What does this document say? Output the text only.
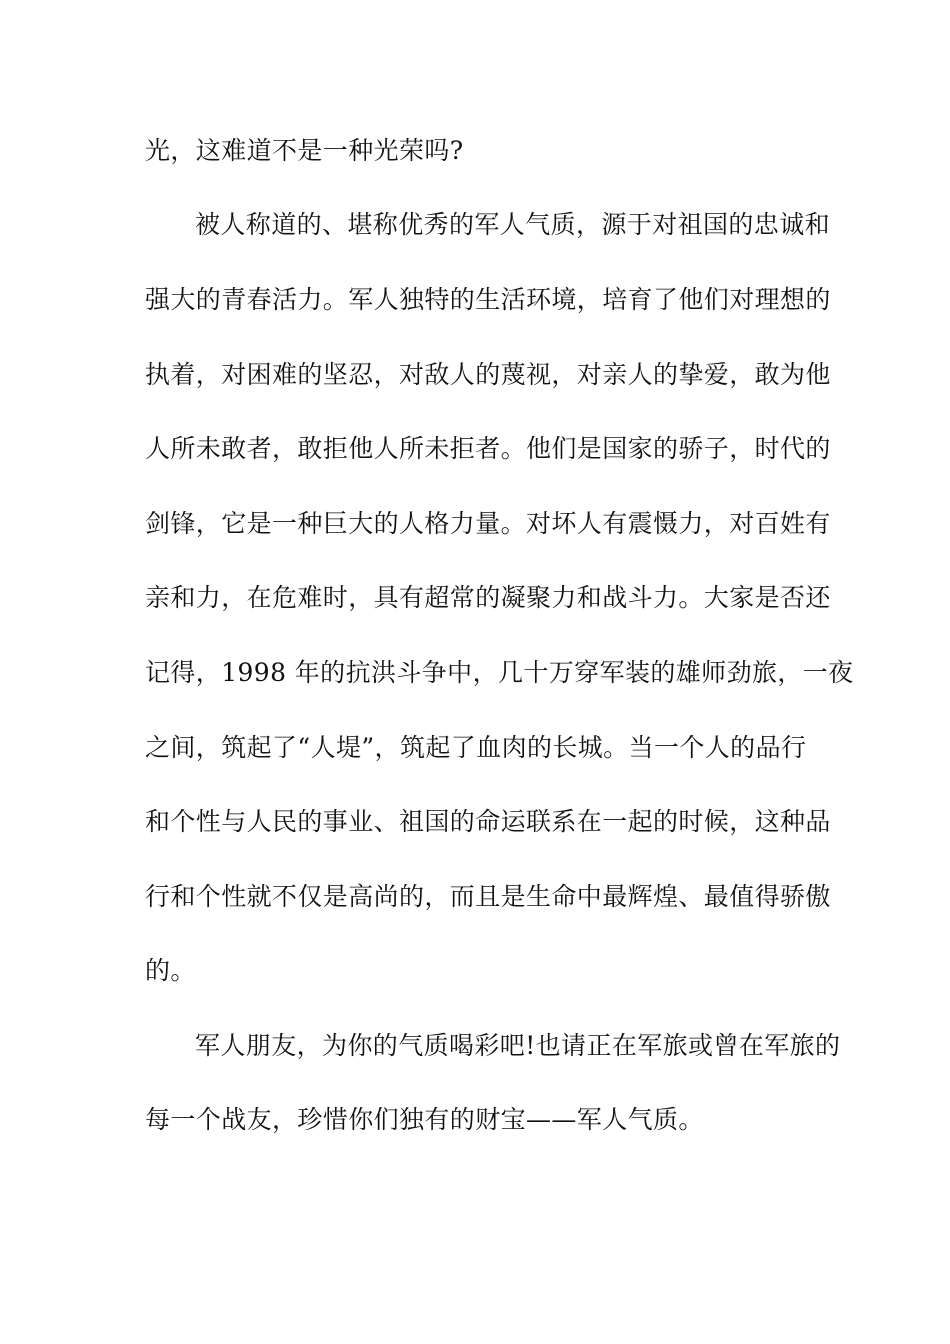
光，这难道不是一种光荣吗?
被人称道的、堪称优秀的军人气质，源于对祖国的忠诚和
强大的青春活力。军人独特的生活环境，培育了他们对理想的
执着，对困难的坚忍，对敌人的蔑视，对亲人的挚爱，敢为他
人所未敢者，敢拒他人所未拒者。他们是国家的骄子，时代的
剑锋，它是一种巨大的人格力量。对坏人有震慑力，对百姓有
亲和力，在危难时，具有超常的凝聚力和战斗力。大家是否还
记得，1998 年的抗洪斗争中，几十万穿军装的雄师劲旅，一夜
之间，筑起了“人堤”，筑起了血肉的长城。当一个人的品行
和个性与人民的事业、祖国的命运联系在一起的时候，这种品
行和个性就不仅是高尚的，而且是生命中最辉煌、最值得骄傲
的。
军人朋友，为你的气质喝彩吧!也请正在军旅或曾在军旅的
每一个战友，珍惜你们独有的财宝——军人气质。
